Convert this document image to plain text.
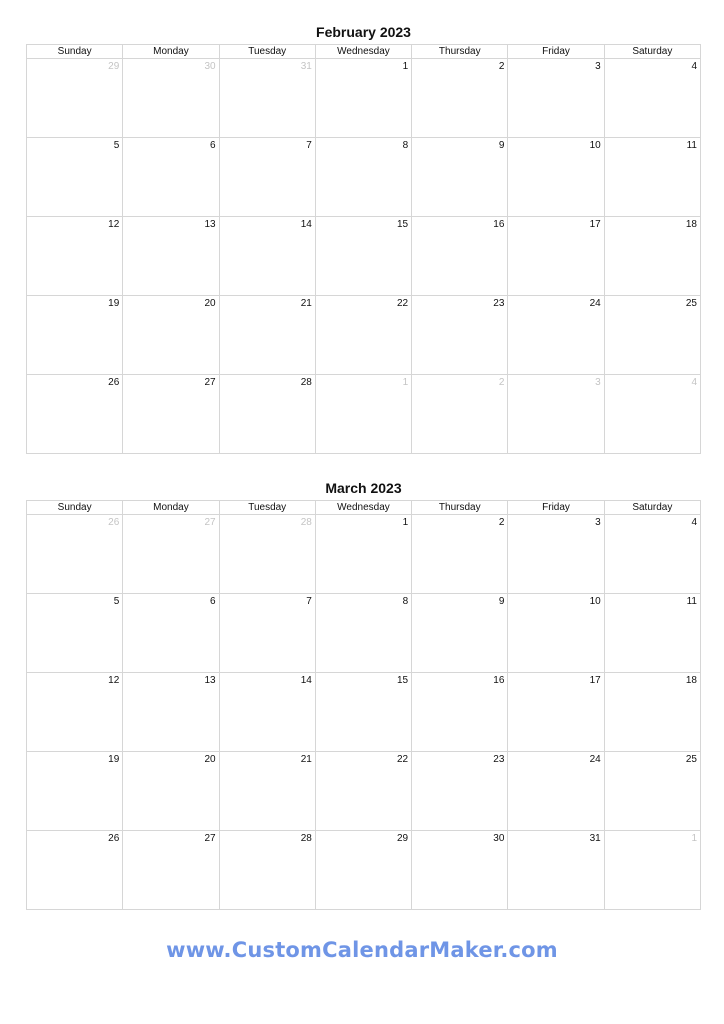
February 2023
Sunday	Monday	Tuesday	Wednesday	Thursday	Friday	Saturday

29	30	31	1	2	3	4

5	6	7	8	9	10	11

12	13	14	15	16	17	18

19	20	21	22	23	24	25

26	27	28	1	2	3	4
March 2023
Sunday	Monday	Tuesday	Wednesday	Thursday	Friday	Saturday

26	27	28	1	2	3	4

5	6	7	8	9	10	11

12	13	14	15	16	17	18

19	20	21	22	23	24	25

26	27	28	29	30	31	1
www.CustomCalendarMaker.com
